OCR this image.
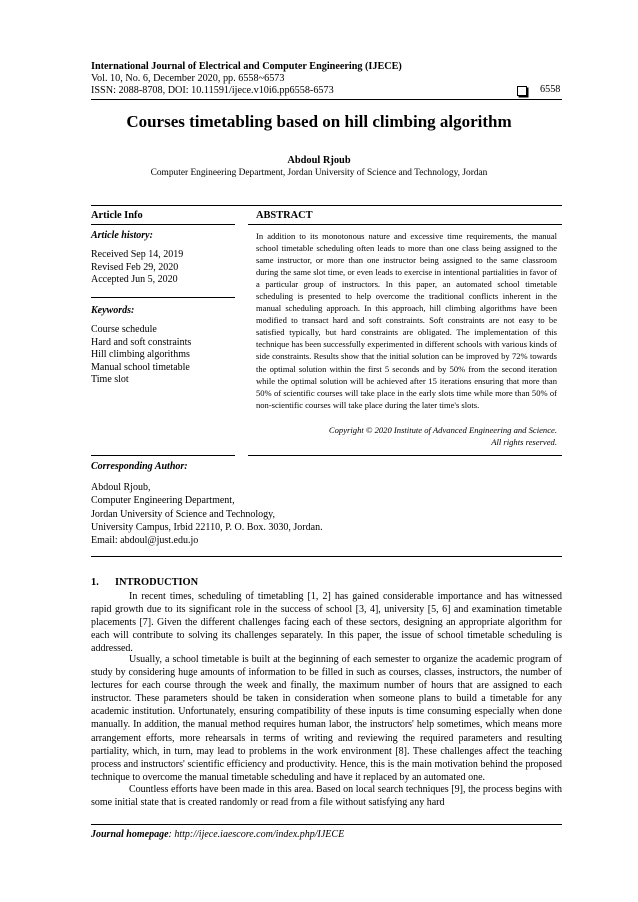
International Journal of Electrical and Computer Engineering (IJECE)
Vol. 10, No. 6, December 2020, pp. 6558~6573
ISSN: 2088-8708, DOI: 10.11591/ijece.v10i6.pp6558-6573	6558
Courses timetabling based on hill climbing algorithm
Abdoul Rjoub
Computer Engineering Department, Jordan University of Science and Technology, Jordan
Article Info
Article history:
Received Sep 14, 2019
Revised Feb 29, 2020
Accepted Jun 5, 2020
Keywords:
Course schedule
Hard and soft constraints
Hill climbing algorithms
Manual school timetable
Time slot
ABSTRACT

In addition to its monotonous nature and excessive time requirements, the manual school timetable scheduling often leads to more than one class being assigned to the same instructor, or more than one instructor being assigned to the same classroom during the same slot time, or even leads to exercise in intentional partialities in favor of a particular group of instructors. In this paper, an automated school timetable scheduling is presented to help overcome the traditional conflicts inherent in the manual scheduling approach. In this approach, hill climbing algorithms have been modified to transact hard and soft constraints. Soft constraints are not easy to be satisfied typically, but hard constraints are obligated. The implementation of this technique has been successfully experimented in different schools with various kinds of side constraints. Results show that the initial solution can be improved by 72% towards the optimal solution within the first 5 seconds and by 50% from the second iteration while the optimal solution will be achieved after 15 iterations ensuring that more than 50% of scientific courses will take place in the early slots time while more than 50% of non-scientific courses will take place during the later time's slots.

Copyright © 2020 Institute of Advanced Engineering and Science.
All rights reserved.
Corresponding Author:
Abdoul Rjoub,
Computer Engineering Department,
Jordan University of Science and Technology,
University Campus, Irbid 22110, P. O. Box. 3030, Jordan.
Email: abdoul@just.edu.jo
1. INTRODUCTION

In recent times, scheduling of timetabling [1, 2] has gained considerable importance and has witnessed rapid growth due to its significant role in the success of school [3, 4], university [5, 6] and examination timetable placements [7]. Given the different challenges facing each of these sectors, designing an appropriate algorithm for each will contribute to solving its challenges separately. In this paper, the issue of school timetable scheduling is addressed.

Usually, a school timetable is built at the beginning of each semester to organize the academic program of study by considering huge amounts of information to be filled in such as courses, classes, instructors, the number of lectures for each course through the week and finally, the maximum number of hours that are assigned to each instructor. These parameters should be taken in consideration when someone plans to build a timetable for any academic institution. Unfortunately, ensuring compatibility of these inputs is time consuming especially when done manually. In addition, the manual method requires human labor, the instructors' help sometimes, which means more arrangement efforts, more rehearsals in terms of writing and reviewing the required parameters and resulting partiality, which, in turn, may lead to problems in the work environment [8]. These challenges affect the teaching process and instructors' scientific efficiency and productivity. Hence, this is the main motivation behind the proposed technique to overcome the manual timetable scheduling and have it replaced by an automated one.

Countless efforts have been made in this area. Based on local search techniques [9], the process begins with some initial state that is created randomly or read from a file without satisfying any hard

Journal homepage: http://ijece.iaescore.com/index.php/IJECE
